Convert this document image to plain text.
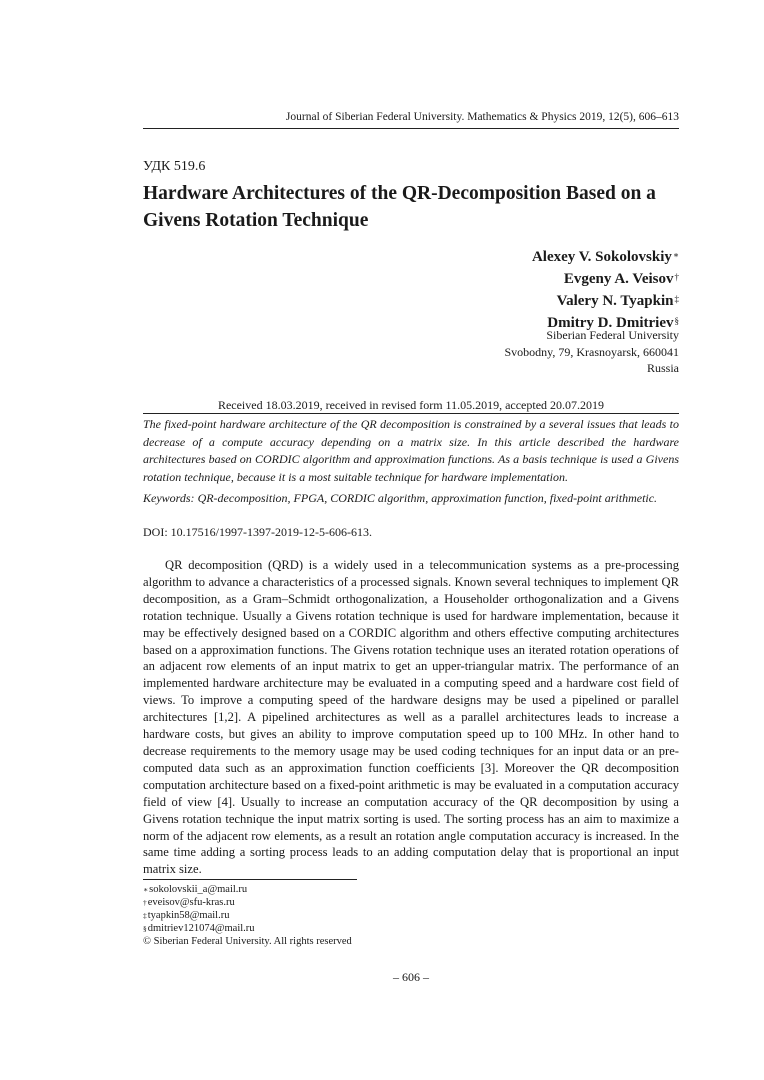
Journal of Siberian Federal University. Mathematics & Physics 2019, 12(5), 606–613
УДК 519.6
Hardware Architectures of the QR-Decomposition Based on a Givens Rotation Technique
Alexey V. Sokolovskiy∗
Evgeny A. Veisov†
Valery N. Tyapkin‡
Dmitry D. Dmitriev§
Siberian Federal University
Svobodny, 79, Krasnoyarsk, 660041
Russia
Received 18.03.2019, received in revised form 11.05.2019, accepted 20.07.2019

The fixed-point hardware architecture of the QR decomposition is constrained by a several issues that leads to decrease of a compute accuracy depending on a matrix size. In this article described the hardware architectures based on CORDIC algorithm and approximation functions. As a basis technique is used a Givens rotation technique, because it is a most suitable technique for hardware implementation.

Keywords: QR-decomposition, FPGA, CORDIC algorithm, approximation function, fixed-point arithmetic.

DOI: 10.17516/1997-1397-2019-12-5-606-613.

QR decomposition (QRD) is a widely used in a telecommunication systems as a pre-processing algorithm to advance a characteristics of a processed signals. Known several techniques to implement QR decomposition, as a Gram–Schmidt orthogonalization, a Householder orthogonalization and a Givens rotation technique. Usually a Givens rotation technique is used for hardware implementation, because it may be effectively designed based on a CORDIC algorithm and others effective computing architectures based on a approximation functions. The Givens rotation technique uses an iterated rotation operations of an adjacent row elements of an input matrix to get an upper-triangular matrix. The performance of an implemented hardware architecture may be evaluated in a computing speed and a hardware cost field of views. To improve a computing speed of the hardware designs may be used a pipelined or parallel architectures [1,2]. A pipelined architectures as well as a parallel architectures leads to increase a hardware costs, but gives an ability to improve computation speed up to 100 MHz. In other hand to decrease requirements to the memory usage may be used coding techniques for an input data or an pre-computed data such as an approximation function coefficients [3]. Moreover the QR decomposition computation architecture based on a fixed-point arithmetic is may be evaluated in a computation accuracy field of view [4]. Usually to increase an computation accuracy of the QR decomposition by using a Givens rotation technique the input matrix sorting is used. The sorting process has an aim to maximize a norm of the adjacent row elements, as a result an rotation angle computation accuracy is increased. In the same time adding a sorting process leads to an adding computation delay that is proportional an input matrix size.

∗sokolovskii_a@mail.ru
†eveisov@sfu-kras.ru
‡tyapkin58@mail.ru
§dmitriev121074@mail.ru
© Siberian Federal University. All rights reserved
– 606 –
